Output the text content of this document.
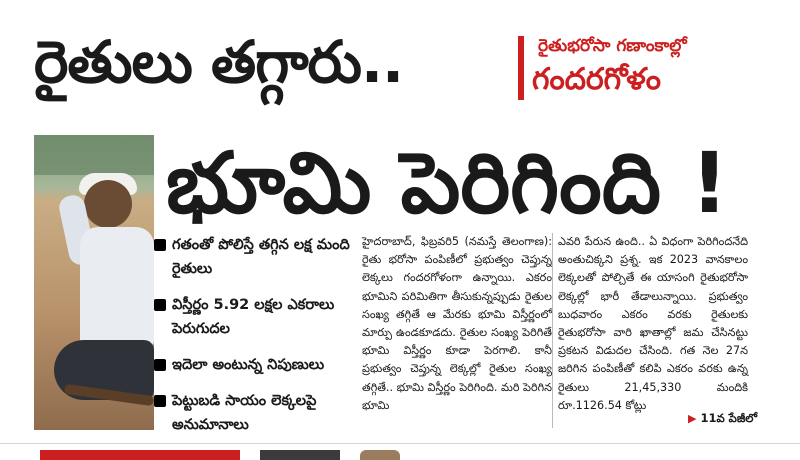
రైతులు తగ్గారు..	రైతుభరోసా గణాంకాల్లో
గందరగోళం
భూమి పెరిగింది !

గతంతో పోలిస్తే తగ్గిన లక్ష మంది రైతులు

విస్తీర్ణం 5.92 లక్షల ఎకరాలు పెరుగుదల

ఇదెలా అంటున్న నిపుణులు

పెట్టుబడి సాయం లెక్కలపై అనుమానాలు

హైదరాబాద్, ఫిబ్రవరి5 (నమస్తే తెలంగాణ): రైతు భరోసా పంపిణీలో ప్రభుత్వం చెప్తున్న లెక్కలు గందరగోళంగా ఉన్నాయి. ఎకరం భూమిని పరిమితిగా తీసుకున్నప్పుడు రైతుల సంఖ్య తగ్గితే ఆ మేరకు భూమి విస్తీర్ణంలో మార్పు ఉండకూడదు. రైతుల సంఖ్య పెరిగితే భూమి విస్తీర్ణం కూడా పెరగాలి. కానీ ప్రభుత్వం చెప్తున్న లెక్కల్లో రైతుల సంఖ్య తగ్గితే.. భూమి విస్తీర్ణం పెరిగింది. మరి పెరిగిన భూమి

ఎవరి పేరున ఉంది.. ఏ విధంగా పెరిగిందనేది అంతుచిక్కని ప్రశ్న. ఇక 2023 వానకాలం లెక్కలతో పోల్చితే ఈ యాసంగి రైతుభరోసా లెక్కల్లో భారీ తేడాలున్నాయి. ప్రభుత్వం బుధవారం ఎకరం వరకు రైతులకు రైతుభరోసా వారి ఖాతాల్లో జమ చేసినట్టు ప్రకటన విడుదల చేసింది. గత నెల 27న జరిగిన పంపిణీతో కలిపి ఎకరం వరకు ఉన్న రైతులు 21,45,330 మందికి రూ.1126.54 కోట్లు

▶ 11వ పేజీలో
